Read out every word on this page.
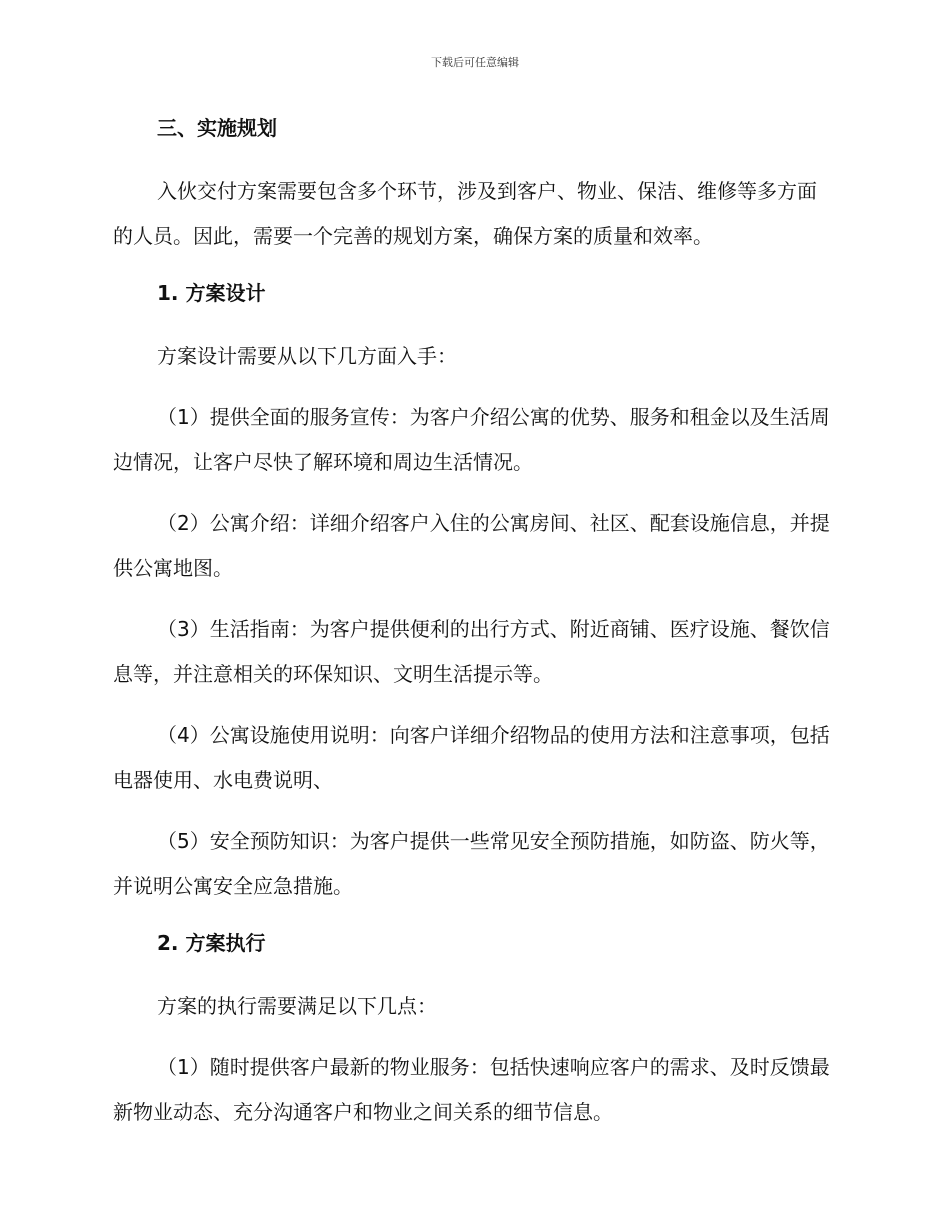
下载后可任意编辑
三、实施规划

入伙交付方案需要包含多个环节，涉及到客户、物业、保洁、维修等多方面的人员。因此，需要一个完善的规划方案，确保方案的质量和效率。

1. 方案设计

方案设计需要从以下几方面入手：

（1）提供全面的服务宣传：为客户介绍公寓的优势、服务和租金以及生活周边情况，让客户尽快了解环境和周边生活情况。

（2）公寓介绍：详细介绍客户入住的公寓房间、社区、配套设施信息，并提供公寓地图。

（3）生活指南：为客户提供便利的出行方式、附近商铺、医疗设施、餐饮信息等，并注意相关的环保知识、文明生活提示等。

（4）公寓设施使用说明：向客户详细介绍物品的使用方法和注意事项，包括电器使用、水电费说明、

（5）安全预防知识：为客户提供一些常见安全预防措施，如防盗、防火等，并说明公寓安全应急措施。

2. 方案执行

方案的执行需要满足以下几点：

（1）随时提供客户最新的物业服务：包括快速响应客户的需求、及时反馈最新物业动态、充分沟通客户和物业之间关系的细节信息。
